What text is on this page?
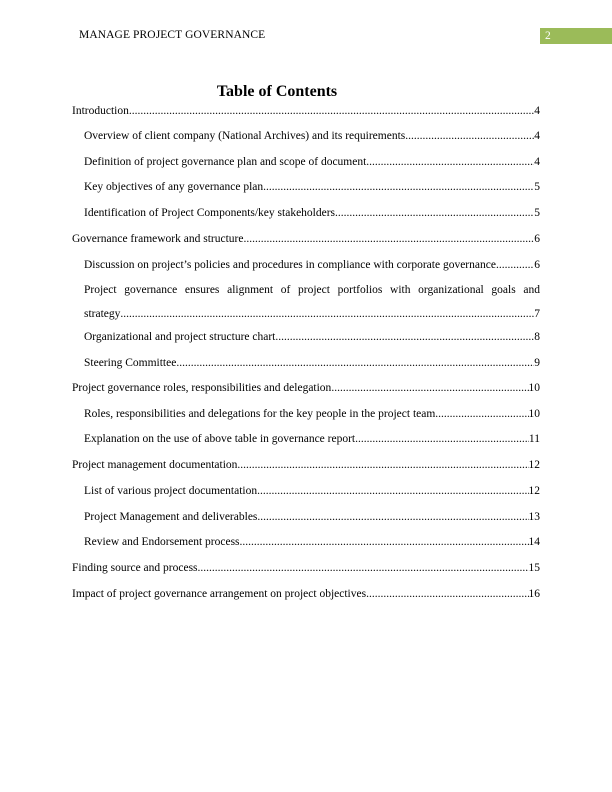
MANAGE PROJECT GOVERNANCE	2
Table of Contents
Introduction .....	4
Overview of client company (National Archives) and its requirements .....	4
Definition of project governance plan and scope of document .....	4
Key objectives of any governance plan .....	5
Identification of Project Components/key stakeholders .....	5
Governance framework and structure .....	6
Discussion on project’s policies and procedures in compliance with corporate governance .....	6
Project governance ensures alignment of project portfolios with organizational goals and
strategy .....	7
Organizational and project structure chart .....	8
Steering Committee .....	9
Project governance roles, responsibilities and delegation .....	10
Roles, responsibilities and delegations for the key people in the project team .....	10
Explanation on the use of above table in governance report .....	11
Project management documentation .....	12
List of various project documentation .....	12
Project Management and deliverables .....	13
Review and Endorsement process .....	14
Finding source and process .....	15
Impact of project governance arrangement on project objectives .....	16
